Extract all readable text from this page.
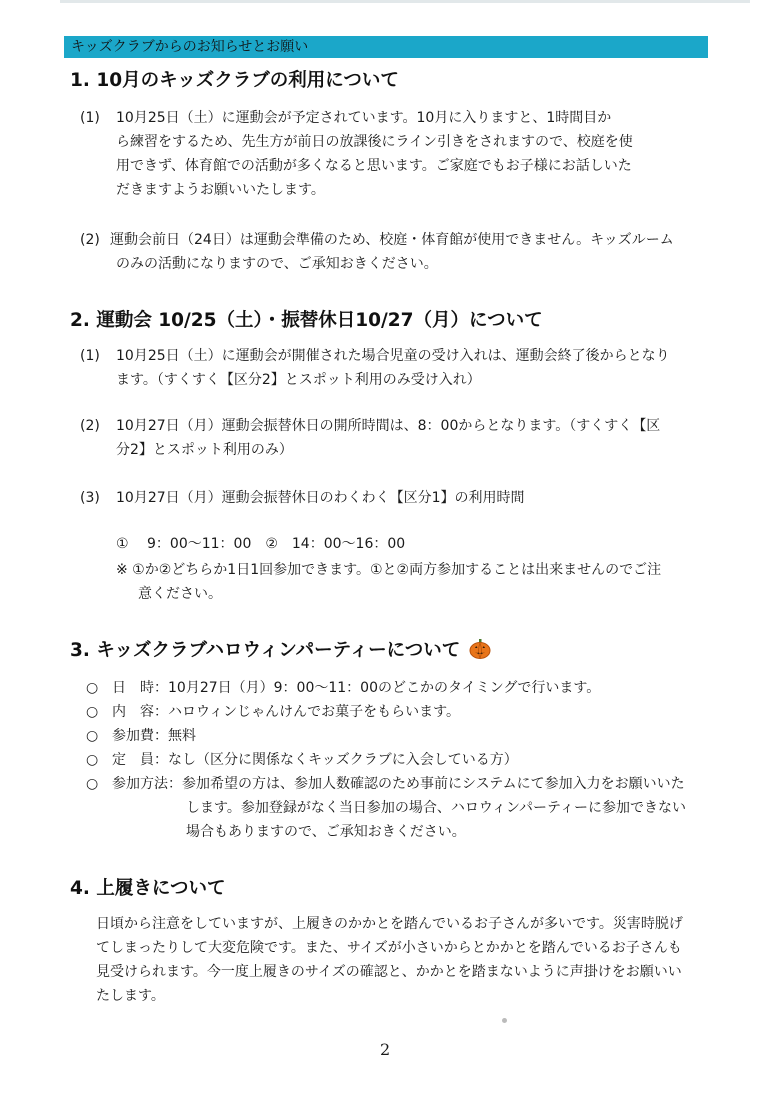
キッズクラブからのお知らせとお願い
1. 10月のキッズクラブの利用について
(1) 10月25日（土）に運動会が予定されています。10月に入りますと、1時間目か
ら練習をするため、先生方が前日の放課後にライン引きをされますので、校庭を使
用できず、体育館での活動が多くなると思います。ご家庭でもお子様にお話しいた
だきますようお願いいたします。
(2) 運動会前日（24日）は運動会準備のため、校庭・体育館が使用できません。キッズルーム
のみの活動になりますので、ご承知おきください。
2. 運動会 10/25（土）・振替休日10/27（月）について
(1) 10月25日（土）に運動会が開催された場合児童の受け入れは、運動会終了後からとなり
ます。（すくすく【区分2】とスポット利用のみ受け入れ）
(2) 10月27日（月）運動会振替休日の開所時間は、8：00からとなります。（すくすく【区
分2】とスポット利用のみ）
(3) 10月27日（月）運動会振替休日のわくわく【区分1】の利用時間
①　 9：00～11：00　②　14：00～16：00
※ ①か②どちらか1日1回参加できます。①と②両方参加することは出来ませんのでご注
意ください。
3. キッズクラブハロウィンパーティーについて
○ 日　時：10月27日（月）9：00～11：00のどこかのタイミングで行います。
○ 内　容：ハロウィンじゃんけんでお菓子をもらいます。
○ 参加費：無料
○ 定　員：なし（区分に関係なくキッズクラブに入会している方）
○ 参加方法：参加希望の方は、参加人数確認のため事前にシステムにて参加入力をお願いいた
します。参加登録がなく当日参加の場合、ハロウィンパーティーに参加できない
場合もありますので、ご承知おきください。
4. 上履きについて
日頃から注意をしていますが、上履きのかかとを踏んでいるお子さんが多いです。災害時脱げ
てしまったりして大変危険です。また、サイズが小さいからとかかとを踏んでいるお子さんも
見受けられます。今一度上履きのサイズの確認と、かかとを踏まないように声掛けをお願いい
たします。
2
